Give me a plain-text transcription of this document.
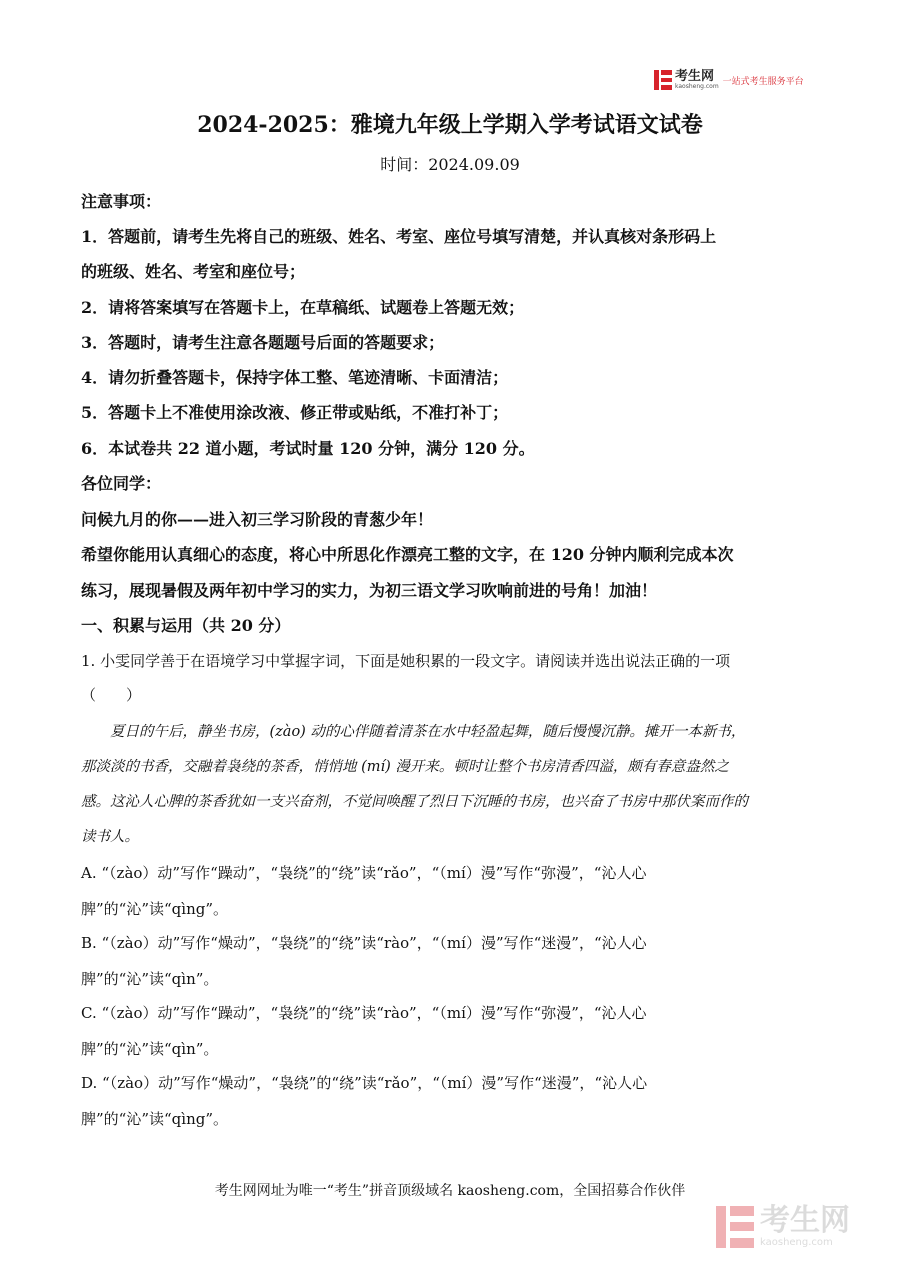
考生网
kaosheng.com 一站式考生服务平台
2024-2025：雅境九年级上学期入学考试语文试卷
时间：2024.09.09
注意事项：
1．答题前，请考生先将自己的班级、姓名、考室、座位号填写清楚，并认真核对条形码上
的班级、姓名、考室和座位号；
2．请将答案填写在答题卡上，在草稿纸、试题卷上答题无效；
3．答题时，请考生注意各题题号后面的答题要求；
4．请勿折叠答题卡，保持字体工整、笔迹清晰、卡面清洁；
5．答题卡上不准使用涂改液、修正带或贴纸，不准打补丁；
6．本试卷共 22 道小题，考试时量 120 分钟，满分 120 分。
各位同学：
问候九月的你——进入初三学习阶段的青葱少年！
希望你能用认真细心的态度，将心中所思化作漂亮工整的文字，在 120 分钟内顺利完成本次
练习，展现暑假及两年初中学习的实力，为初三语文学习吹响前进的号角！加油！
一、积累与运用（共 20 分）
1. 小雯同学善于在语境学习中掌握字词，下面是她积累的一段文字。请阅读并选出说法正确的一项
（　　）
　　夏日的午后，静坐书房，(zào) 动的心伴随着清茶在水中轻盈起舞，随后慢慢沉静。摊开一本新书，
那淡淡的书香，交融着袅绕的茶香，悄悄地 (mí) 漫开来。顿时让整个书房清香四溢，颇有春意盎然之
感。这沁人心脾的茶香犹如一支兴奋剂，不觉间唤醒了烈日下沉睡的书房，也兴奋了书房中那伏案而作的
读书人。
A. “（zào）动”写作“躁动”，“袅绕”的“绕”读“rǎo”，“（mí）漫”写作“弥漫”，“沁人心
脾”的“沁”读“qìng”。
B. “（zào）动”写作“燥动”，“袅绕”的“绕”读“rào”，“（mí）漫”写作“迷漫”，“沁人心
脾”的“沁”读“qìn”。
C. “（zào）动”写作“躁动”，“袅绕”的“绕”读“rào”，“（mí）漫”写作“弥漫”，“沁人心
脾”的“沁”读“qìn”。
D. “（zào）动”写作“燥动”，“袅绕”的“绕”读“rǎo”，“（mí）漫”写作“迷漫”，“沁人心
脾”的“沁”读“qìng”。
考生网网址为唯一“考生”拼音顶级域名 kaosheng.com，全国招募合作伙伴
考生网
kaosheng.com
